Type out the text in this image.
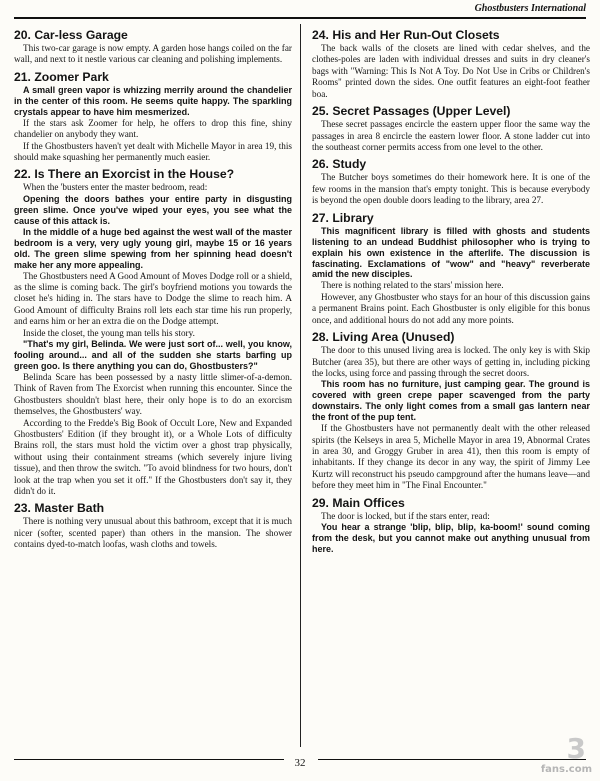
Ghostbusters International
20. Car-less Garage

This two-car garage is now empty. A garden hose hangs coiled on the far wall, and next to it nestle various car cleaning and polishing implements.

21. Zoomer Park

A small green vapor is whizzing merrily around the chandelier in the center of this room. He seems quite happy. The sparkling crystals appear to have him mesmerized.

If the stars ask Zoomer for help, he offers to drop this fine, shiny chandelier on anybody they want.

If the Ghostbusters haven't yet dealt with Michelle Mayor in area 19, this should make squashing her permanently much easier.

22. Is There an Exorcist in the House?

When the 'busters enter the master bedroom, read:

Opening the doors bathes your entire party in disgusting green slime. Once you've wiped your eyes, you see what the cause of this attack is.

In the middle of a huge bed against the west wall of the master bedroom is a very, very ugly young girl, maybe 15 or 16 years old. The green slime spewing from her spinning head doesn't make her any more appealing.

The Ghostbusters need A Good Amount of Moves Dodge roll or a shield, as the slime is coming back. The girl's boyfriend motions you towards the closet he's hiding in. The stars have to Dodge the slime to reach him. A Good Amount of difficulty Brains roll lets each star time his run properly, and earns him or her an extra die on the Dodge attempt.

Inside the closet, the young man tells his story.

"That's my girl, Belinda. We were just sort of... well, you know, fooling around... and all of the sudden she starts barfing up green goo. Is there anything you can do, Ghostbusters?"

Belinda Scare has been possessed by a nasty little slimer-of-a-demon. Think of Raven from The Exorcist when running this encounter. Since the Ghostbusters shouldn't blast here, their only hope is to do an exorcism themselves, the Ghostbusters' way.

According to the Fredde's Big Book of Occult Lore, New and Expanded Ghostbusters' Edition (if they brought it), or a Whole Lots of difficulty Brains roll, the stars must hold the victim over a ghost trap physically, without using their containment streams (which severely injure living tissue), and then throw the switch. "To avoid blindness for two hours, don't look at the trap when you set it off." If the Ghostbusters don't say it, they didn't do it.

23. Master Bath

There is nothing very unusual about this bathroom, except that it is much nicer (softer, scented paper) than others in the mansion. The shower contains dyed-to-match loofas, wash cloths and towels.

24. His and Her Run-Out Closets

The back walls of the closets are lined with cedar shelves, and the clothes-poles are laden with individual dresses and suits in dry cleaner's bags with "Warning: This Is Not A Toy. Do Not Use in Cribs or Children's Rooms" printed down the sides. One outfit features an eight-foot feather boa.

25. Secret Passages (Upper Level)

These secret passages encircle the eastern upper floor the same way the passages in area 8 encircle the eastern lower floor. A stone ladder cut into the southeast corner permits access from one level to the other.

26. Study

The Butcher boys sometimes do their homework here. It is one of the few rooms in the mansion that's empty tonight. This is because everybody is beyond the open double doors leading to the library, area 27.

27. Library

This magnificent library is filled with ghosts and students listening to an undead Buddhist philosopher who is trying to explain his own existence in the afterlife. The discussion is fascinating. Exclamations of "wow" and "heavy" reverberate amid the new disciples.

There is nothing related to the stars' mission here.

However, any Ghostbuster who stays for an hour of this discussion gains a permanent Brains point. Each Ghostbuster is only eligible for this bonus once, and additional hours do not add any more points.

28. Living Area (Unused)

The door to this unused living area is locked. The only key is with Skip Butcher (area 35), but there are other ways of getting in, including picking the locks, using force and passing through the secret doors.

This room has no furniture, just camping gear. The ground is covered with green crepe paper scavenged from the party downstairs. The only light comes from a small gas lantern near the front of the pup tent.

If the Ghostbusters have not permanently dealt with the other released spirits (the Kelseys in area 5, Michelle Mayor in area 19, Abnormal Crates in area 30, and Groggy Gruber in area 41), then this room is empty of inhabitants. If they change its decor in any way, the spirit of Jimmy Lee Kurtz will reconstruct his pseudo campground after the humans leave—and before they meet him in "The Final Encounter."

29. Main Offices

The door is locked, but if the stars enter, read:

You hear a strange 'blip, blip, blip, ka-boom!' sound coming from the desk, but you cannot make out anything unusual from here.

32	3
fans.com
